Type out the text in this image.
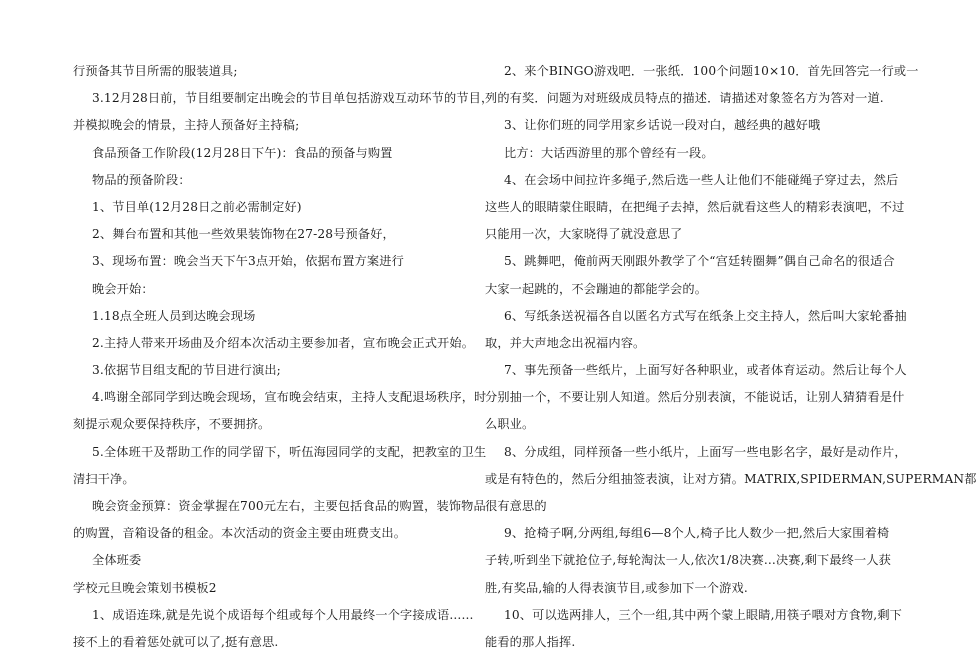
行预备其节目所需的服装道具;
3.12月28日前，节目组要制定出晚会的节目单包括游戏互动环节的节目，
并模拟晚会的情景，主持人预备好主持稿;
食品预备工作阶段(12月28日下午)：食品的预备与购置
物品的预备阶段：
1、节目单(12月28日之前必需制定好)
2、舞台布置和其他一些效果装饰物在27-28号预备好，
3、现场布置：晚会当天下午3点开始，依据布置方案进行
晚会开始：
1.18点全班人员到达晚会现场
2.主持人带来开场曲及介绍本次活动主要参加者，宣布晚会正式开始。
3.依据节目组支配的节目进行演出;
4.鸣谢全部同学到达晚会现场，宣布晚会结束，主持人支配退场秩序，时
刻提示观众要保持秩序，不要拥挤。
5.全体班干及帮助工作的同学留下，听伍海园同学的支配，把教室的卫生
清扫干净。
晚会资金预算：资金掌握在700元左右，主要包括食品的购置，装饰物品
的购置，音箱设备的租金。本次活动的资金主要由班费支出。
全体班委
学校元旦晚会策划书模板2
1、成语连珠,就是先说个成语每个组或每个人用最终一个字接成语......
接不上的看着惩处就可以了,挺有意思.
2、来个BINGO游戏吧．一张纸．100个问题10×10．首先回答完一行或一
列的有奖．问题为对班级成员特点的描述．请描述对象签名方为答对一道.
3、让你们班的同学用家乡话说一段对白，越经典的越好哦
比方：大话西游里的那个曾经有一段。
4、在会场中间拉许多绳子,然后选一些人让他们不能碰绳子穿过去，然后
这些人的眼睛蒙住眼睛，在把绳子去掉，然后就看这些人的精彩表演吧，不过
只能用一次，大家晓得了就没意思了
5、跳舞吧，俺前两天刚跟外教学了个“宫廷转圈舞”偶自己命名的很适合
大家一起跳的，不会蹦迪的都能学会的。
6、写纸条送祝福各自以匿名方式写在纸条上交主持人，然后叫大家轮番抽
取，并大声地念出祝福内容。
7、事先预备一些纸片，上面写好各种职业，或者体育运动。然后让每个人
分别抽一个，不要让别人知道。然后分别表演，不能说话，让别人猜猜看是什
么职业。
8、分成组，同样预备一些小纸片，上面写一些电影名字，最好是动作片，
或是有特色的，然后分组抽签表演，让对方猜。MATRIX,SPIDERMAN,SUPERMAN都
很有意思的
9、抢椅子啊,分两组,每组6—8个人,椅子比人数少一把,然后大家围着椅
子转,听到坐下就抢位子,每轮淘汰一人,依次1/8决赛...决赛,剩下最终一人获
胜,有奖品,输的人得表演节目,或参加下一个游戏.
10、可以选两排人，三个一组,其中两个蒙上眼睛,用筷子喂对方食物,剩下
能看的那人指挥.
